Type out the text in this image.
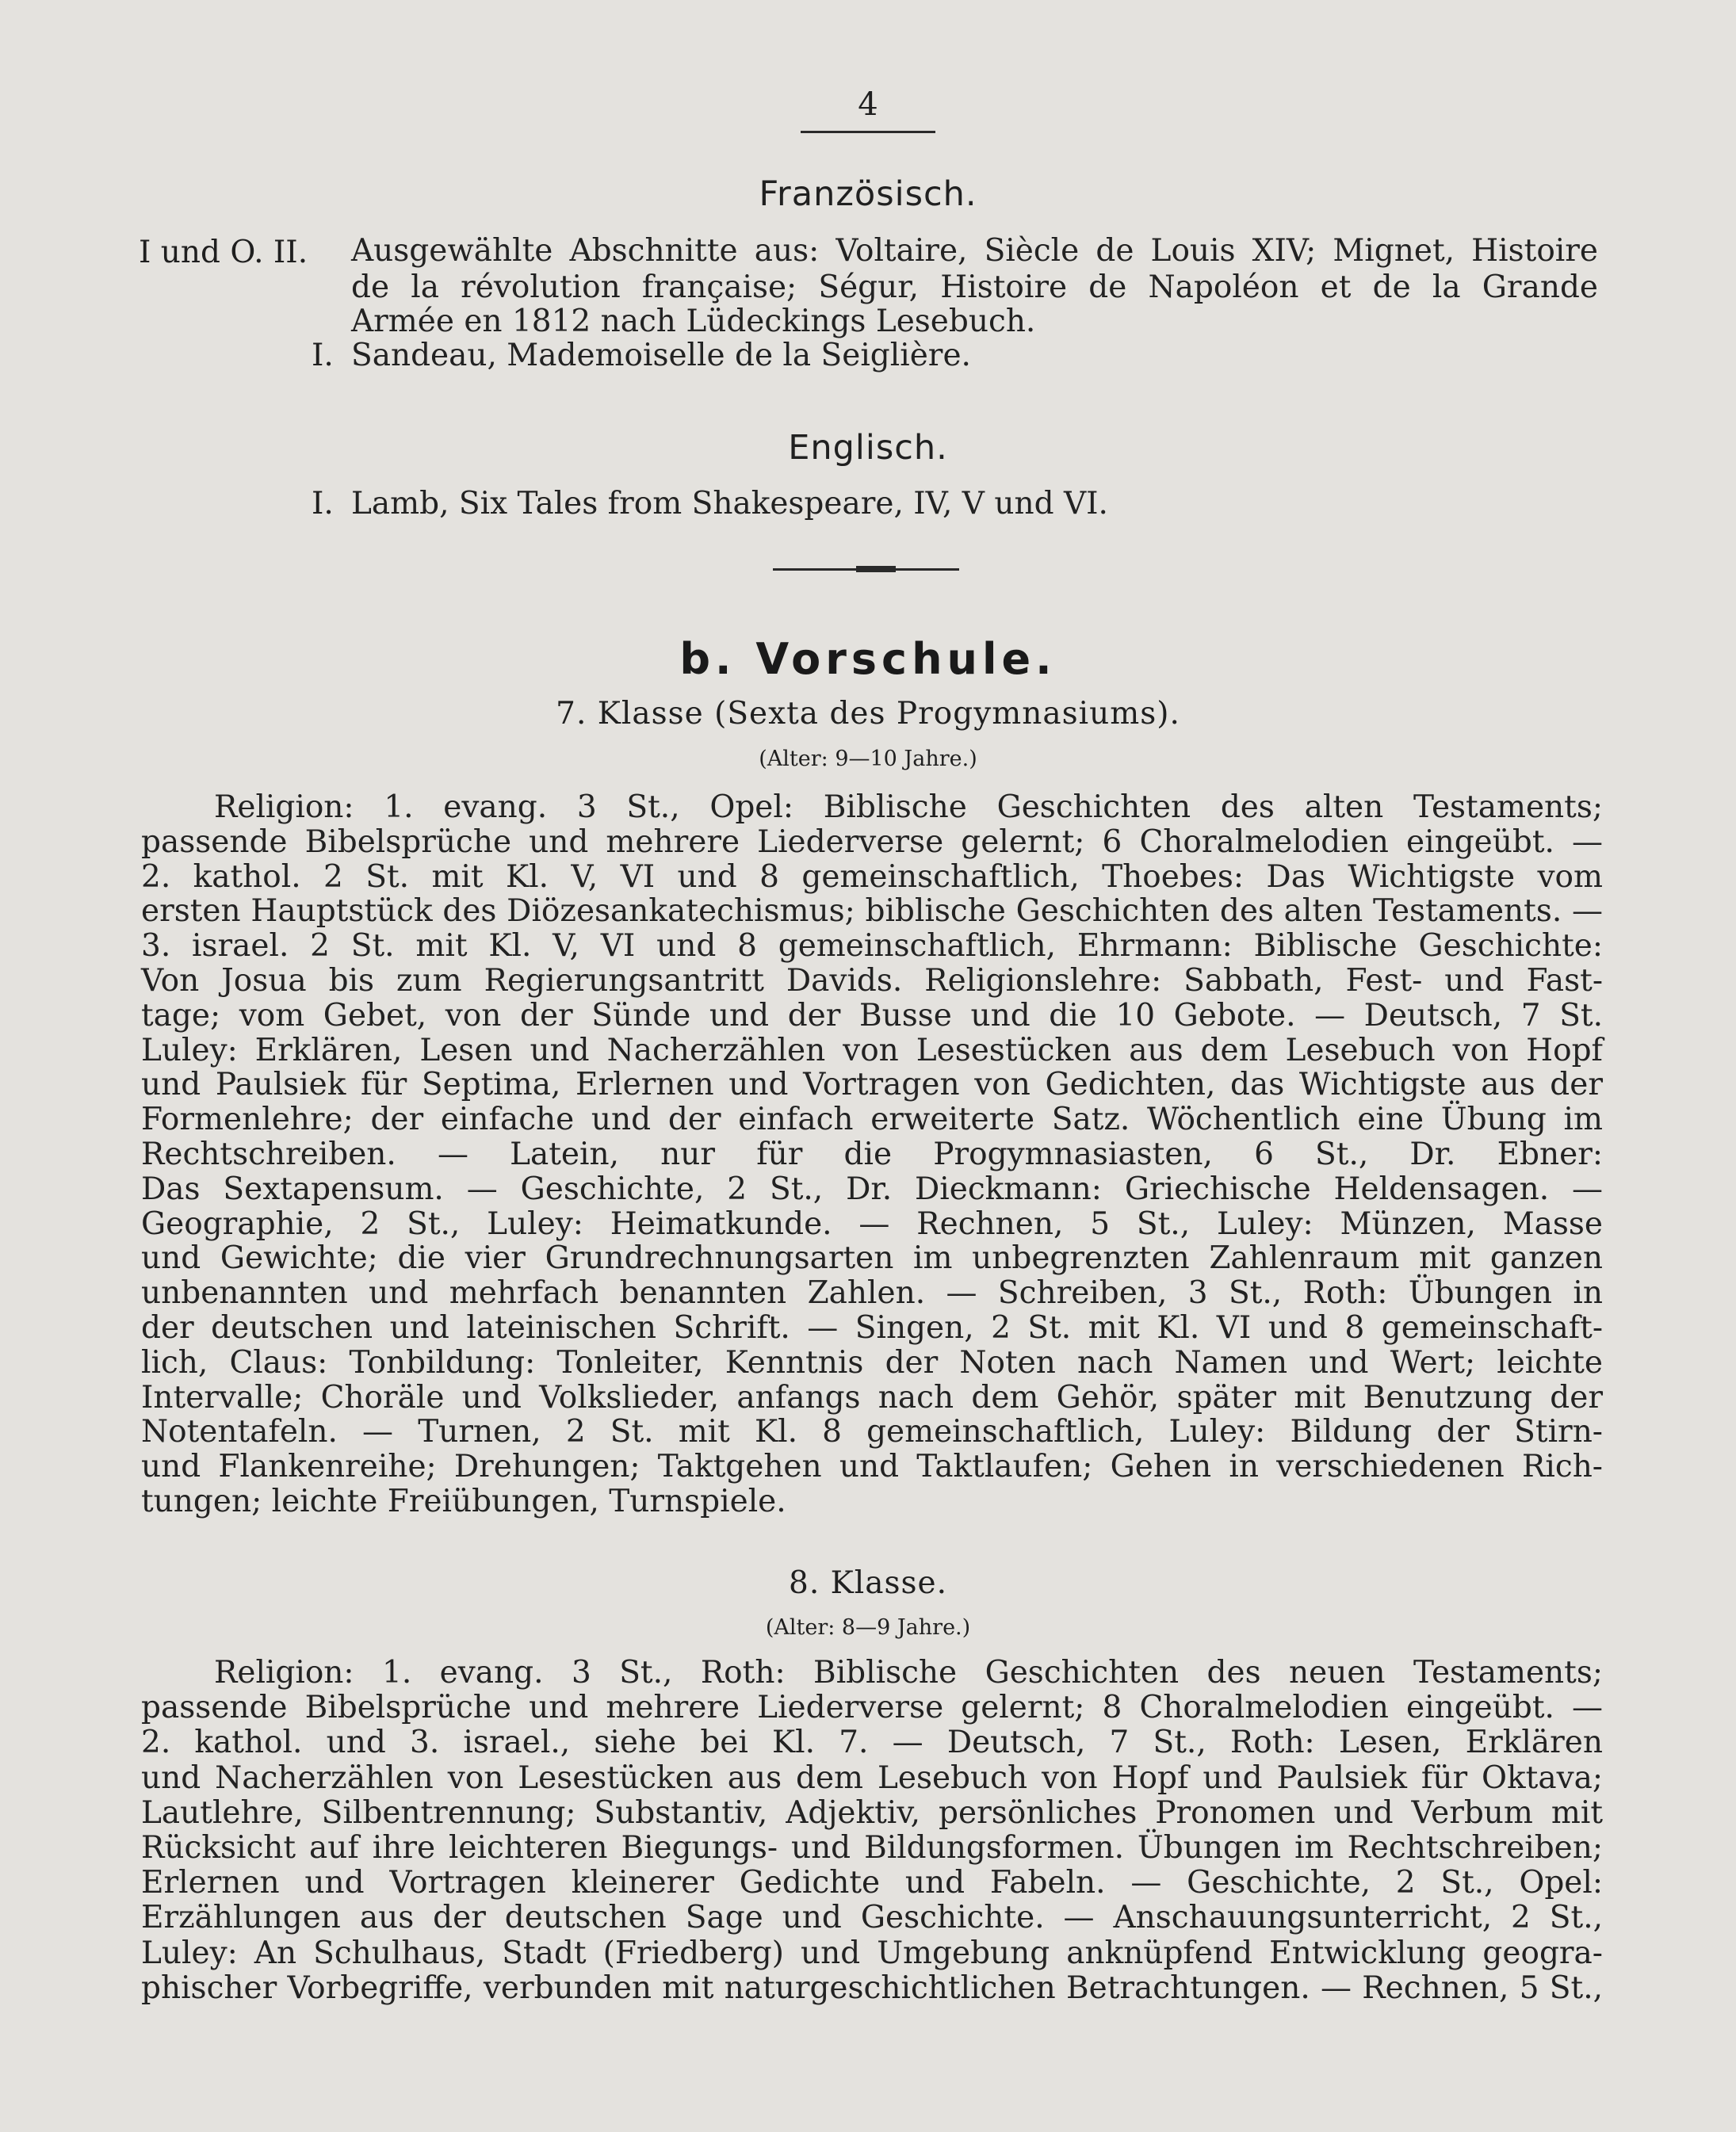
4
Französisch.
I und O. II. Ausgewählte Abschnitte aus: Voltaire, Siècle de Louis XIV; Mignet, Histoire
de la révolution française; Ségur, Histoire de Napoléon et de la Grande
Armée en 1812 nach Lüdeckings Lesebuch.
I. Sandeau, Mademoiselle de la Seiglière.
Englisch.
I. Lamb, Six Tales from Shakespeare, IV, V und VI.
b. Vorschule.
7. Klasse (Sexta des Progymnasiums).
(Alter: 9—10 Jahre.)
Religion: 1. evang. 3 St., Opel: Biblische Geschichten des alten Testaments;
passende Bibelsprüche und mehrere Liederverse gelernt; 6 Choralmelodien eingeübt. —
2. kathol. 2 St. mit Kl. V, VI und 8 gemeinschaftlich, Thoebes: Das Wichtigste vom
ersten Hauptstück des Diözesankatechismus; biblische Geschichten des alten Testaments. —
3. israel. 2 St. mit Kl. V, VI und 8 gemeinschaftlich, Ehrmann: Biblische Geschichte:
Von Josua bis zum Regierungsantritt Davids. Religionslehre: Sabbath, Fest- und Fast-
tage; vom Gebet, von der Sünde und der Busse und die 10 Gebote. — Deutsch, 7 St.
Luley: Erklären, Lesen und Nacherzählen von Lesestücken aus dem Lesebuch von Hopf
und Paulsiek für Septima, Erlernen und Vortragen von Gedichten, das Wichtigste aus der
Formenlehre; der einfache und der einfach erweiterte Satz. Wöchentlich eine Übung im
Rechtschreiben. — Latein, nur für die Progymnasiasten, 6 St., Dr. Ebner:
Das Sextapensum. — Geschichte, 2 St., Dr. Dieckmann: Griechische Heldensagen. —
Geographie, 2 St., Luley: Heimatkunde. — Rechnen, 5 St., Luley: Münzen, Masse
und Gewichte; die vier Grundrechnungsarten im unbegrenzten Zahlenraum mit ganzen
unbenannten und mehrfach benannten Zahlen. — Schreiben, 3 St., Roth: Übungen in
der deutschen und lateinischen Schrift. — Singen, 2 St. mit Kl. VI und 8 gemeinschaft-
lich, Claus: Tonbildung: Tonleiter, Kenntnis der Noten nach Namen und Wert; leichte
Intervalle; Choräle und Volkslieder, anfangs nach dem Gehör, später mit Benutzung der
Notentafeln. — Turnen, 2 St. mit Kl. 8 gemeinschaftlich, Luley: Bildung der Stirn-
und Flankenreihe; Drehungen; Taktgehen und Taktlaufen; Gehen in verschiedenen Rich-
tungen; leichte Freiübungen, Turnspiele.
8. Klasse.
(Alter: 8—9 Jahre.)
Religion: 1. evang. 3 St., Roth: Biblische Geschichten des neuen Testaments;
passende Bibelsprüche und mehrere Liederverse gelernt; 8 Choralmelodien eingeübt. —
2. kathol. und 3. israel., siehe bei Kl. 7. — Deutsch, 7 St., Roth: Lesen, Erklären
und Nacherzählen von Lesestücken aus dem Lesebuch von Hopf und Paulsiek für Oktava;
Lautlehre, Silbentrennung; Substantiv, Adjektiv, persönliches Pronomen und Verbum mit
Rücksicht auf ihre leichteren Biegungs- und Bildungsformen. Übungen im Rechtschreiben;
Erlernen und Vortragen kleinerer Gedichte und Fabeln. — Geschichte, 2 St., Opel:
Erzählungen aus der deutschen Sage und Geschichte. — Anschauungsunterricht, 2 St.,
Luley: An Schulhaus, Stadt (Friedberg) und Umgebung anknüpfend Entwicklung geogra-
phischer Vorbegriffe, verbunden mit naturgeschichtlichen Betrachtungen. — Rechnen, 5 St.,
